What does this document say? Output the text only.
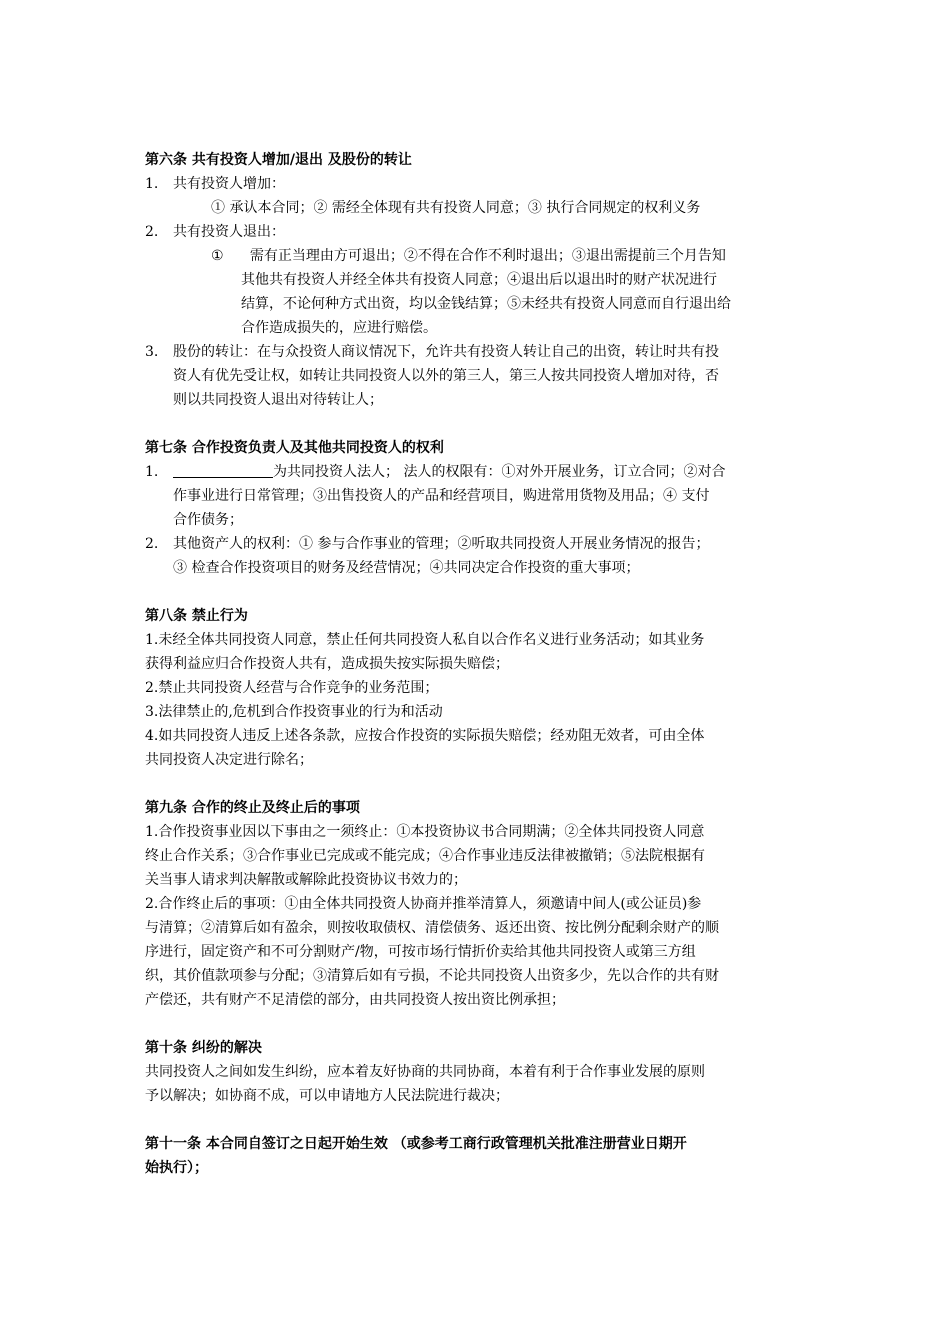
第六条 共有投资人增加/退出 及股份的转让
1.	共有投资人增加：
① 承认本合同；② 需经全体现有共有投资人同意；③ 执行合同规定的权利义务
2.	共有投资人退出：
①	需有正当理由方可退出；②不得在合作不利时退出；③退出需提前三个月告知
其他共有投资人并经全体共有投资人同意；④退出后以退出时的财产状况进行
结算，不论何种方式出资，均以金钱结算；⑤未经共有投资人同意而自行退出给
合作造成损失的，应进行赔偿。
3.	股份的转让：在与众投资人商议情况下，允许共有投资人转让自己的出资，转让时共有投
资人有优先受让权，如转让共同投资人以外的第三人，第三人按共同投资人增加对待，否
则以共同投资人退出对待转让人；
第七条 合作投资负责人及其他共同投资人的权利
1.	为共同投资人法人； 法人的权限有：①对外开展业务，订立合同；②对合
作事业进行日常管理；③出售投资人的产品和经营项目，购进常用货物及用品；④ 支付
合作债务；
2.	其他资产人的权利：① 参与合作事业的管理；②听取共同投资人开展业务情况的报告；
③ 检查合作投资项目的财务及经营情况；④共同决定合作投资的重大事项；
第八条 禁止行为
1.未经全体共同投资人同意，禁止任何共同投资人私自以合作名义进行业务活动；如其业务
获得利益应归合作投资人共有，造成损失按实际损失赔偿；
2.禁止共同投资人经营与合作竞争的业务范围；
3.法律禁止的,危机到合作投资事业的行为和活动
4.如共同投资人违反上述各条款，应按合作投资的实际损失赔偿；经劝阻无效者，可由全体
共同投资人决定进行除名；
第九条 合作的终止及终止后的事项
1.合作投资事业因以下事由之一须终止：①本投资协议书合同期满；②全体共同投资人同意
终止合作关系；③合作事业已完成或不能完成；④合作事业违反法律被撤销；⑤法院根据有
关当事人请求判决解散或解除此投资协议书效力的；
2.合作终止后的事项：①由全体共同投资人协商并推举清算人，须邀请中间人(或公证员)参
与清算；②清算后如有盈余，则按收取债权、清偿债务、返还出资、按比例分配剩余财产的顺
序进行，固定资产和不可分割财产/物，可按市场行情折价卖给其他共同投资人或第三方组
织，其价值款项参与分配；③清算后如有亏损，不论共同投资人出资多少，先以合作的共有财
产偿还，共有财产不足清偿的部分，由共同投资人按出资比例承担；
第十条 纠纷的解决
共同投资人之间如发生纠纷，应本着友好协商的共同协商，本着有利于合作事业发展的原则
予以解决；如协商不成，可以申请地方人民法院进行裁决；
第十一条 本合同自签订之日起开始生效 （或参考工商行政管理机关批准注册营业日期开
始执行）；
